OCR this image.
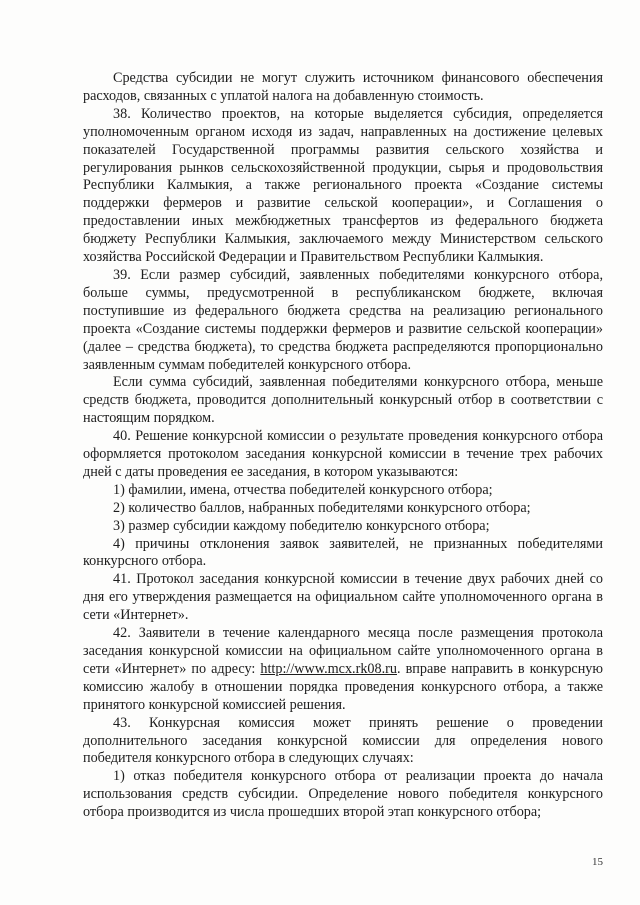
Средства субсидии не могут служить источником финансового обеспечения расходов, связанных с уплатой налога на добавленную стоимость.

38. Количество проектов, на которые выделяется субсидия, определяется уполномоченным органом исходя из задач, направленных на достижение целевых показателей Государственной программы развития сельского хозяйства и регулирования рынков сельскохозяйственной продукции, сырья и продовольствия Республики Калмыкия, а также регионального проекта «Создание системы поддержки фермеров и развитие сельской кооперации», и Соглашения о предоставлении иных межбюджетных трансфертов из федерального бюджета бюджету Республики Калмыкия, заключаемого между Министерством сельского хозяйства Российской Федерации и Правительством Республики Калмыкия.

39. Если размер субсидий, заявленных победителями конкурсного отбора, больше суммы, предусмотренной в республиканском бюджете, включая поступившие из федерального бюджета средства на реализацию регионального проекта «Создание системы поддержки фермеров и развитие сельской кооперации» (далее – средства бюджета), то средства бюджета распределяются пропорционально заявленным суммам победителей конкурсного отбора.

Если сумма субсидий, заявленная победителями конкурсного отбора, меньше средств бюджета, проводится дополнительный конкурсный отбор в соответствии с настоящим порядком.

40. Решение конкурсной комиссии о результате проведения конкурсного отбора оформляется протоколом заседания конкурсной комиссии в течение трех рабочих дней с даты проведения ее заседания, в котором указываются:

1) фамилии, имена, отчества победителей конкурсного отбора;

2) количество баллов, набранных победителями конкурсного отбора;

3) размер субсидии каждому победителю конкурсного отбора;

4) причины отклонения заявок заявителей, не признанных победителями конкурсного отбора.

41. Протокол заседания конкурсной комиссии в течение двух рабочих дней со дня его утверждения размещается на официальном сайте уполномоченного органа в сети «Интернет».

42. Заявители в течение календарного месяца после размещения протокола заседания конкурсной комиссии на официальном сайте уполномоченного органа в сети «Интернет» по адресу: http://www.mcx.rk08.ru. вправе направить в конкурсную комиссию жалобу в отношении порядка проведения конкурсного отбора, а также принятого конкурсной комиссией решения.

43. Конкурсная комиссия может принять решение о проведении дополнительного заседания конкурсной комиссии для определения нового победителя конкурсного отбора в следующих случаях:

1) отказ победителя конкурсного отбора от реализации проекта до начала использования средств субсидии. Определение нового победителя конкурсного отбора производится из числа прошедших второй этап конкурсного отбора;

15
